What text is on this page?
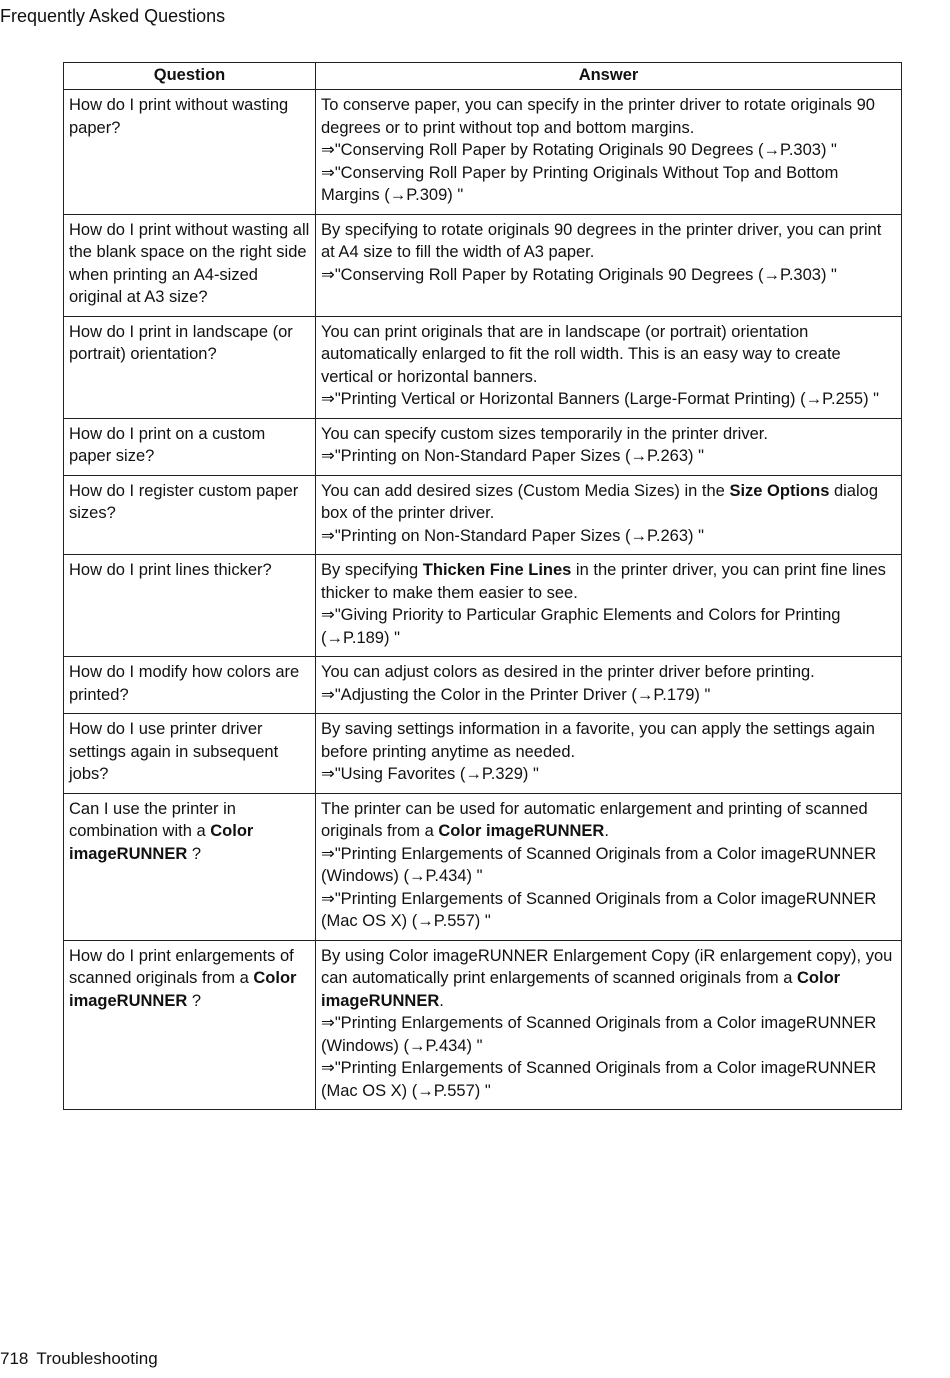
Frequently Asked Questions
Question	Answer
How do I print without wasting paper?	To conserve paper, you can specify in the printer driver to rotate originals 90 degrees or to print without top and bottom margins.
⇒"Conserving Roll Paper by Rotating Originals 90 Degrees (→P.303) "
⇒"Conserving Roll Paper by Printing Originals Without Top and Bottom Margins (→P.309) "

How do I print without wasting all the blank space on the right side when printing an A4-sized original at A3 size?	By specifying to rotate originals 90 degrees in the printer driver, you can print at A4 size to fill the width of A3 paper.
⇒"Conserving Roll Paper by Rotating Originals 90 Degrees (→P.303) "

How do I print in landscape (or portrait) orientation?	You can print originals that are in landscape (or portrait) orientation automatically enlarged to fit the roll width. This is an easy way to create vertical or horizontal banners.
⇒"Printing Vertical or Horizontal Banners (Large-Format Printing) (→P.255) "

How do I print on a custom paper size?	You can specify custom sizes temporarily in the printer driver.
⇒"Printing on Non-Standard Paper Sizes (→P.263) "

How do I register custom paper sizes?	You can add desired sizes (Custom Media Sizes) in the Size Options dialog box of the printer driver.
⇒"Printing on Non-Standard Paper Sizes (→P.263) "

How do I print lines thicker?	By specifying Thicken Fine Lines in the printer driver, you can print fine lines thicker to make them easier to see.
⇒"Giving Priority to Particular Graphic Elements and Colors for Printing (→P.189) "

How do I modify how colors are printed?	You can adjust colors as desired in the printer driver before printing.
⇒"Adjusting the Color in the Printer Driver (→P.179) "

How do I use printer driver settings again in subsequent jobs?	By saving settings information in a favorite, you can apply the settings again before printing anytime as needed.
⇒"Using Favorites (→P.329) "

Can I use the printer in combination with a Color imageRUNNER ?	The printer can be used for automatic enlargement and printing of scanned originals from a Color imageRUNNER.
⇒"Printing Enlargements of Scanned Originals from a Color imageRUNNER (Windows) (→P.434) "
⇒"Printing Enlargements of Scanned Originals from a Color imageRUNNER (Mac OS X) (→P.557) "

How do I print enlargements of scanned originals from a Color imageRUNNER ?	By using Color imageRUNNER Enlargement Copy (iR enlargement copy), you can automatically print enlargements of scanned originals from a Color imageRUNNER.
⇒"Printing Enlargements of Scanned Originals from a Color imageRUNNER (Windows) (→P.434) "
⇒"Printing Enlargements of Scanned Originals from a Color imageRUNNER (Mac OS X) (→P.557) "
718 Troubleshooting
